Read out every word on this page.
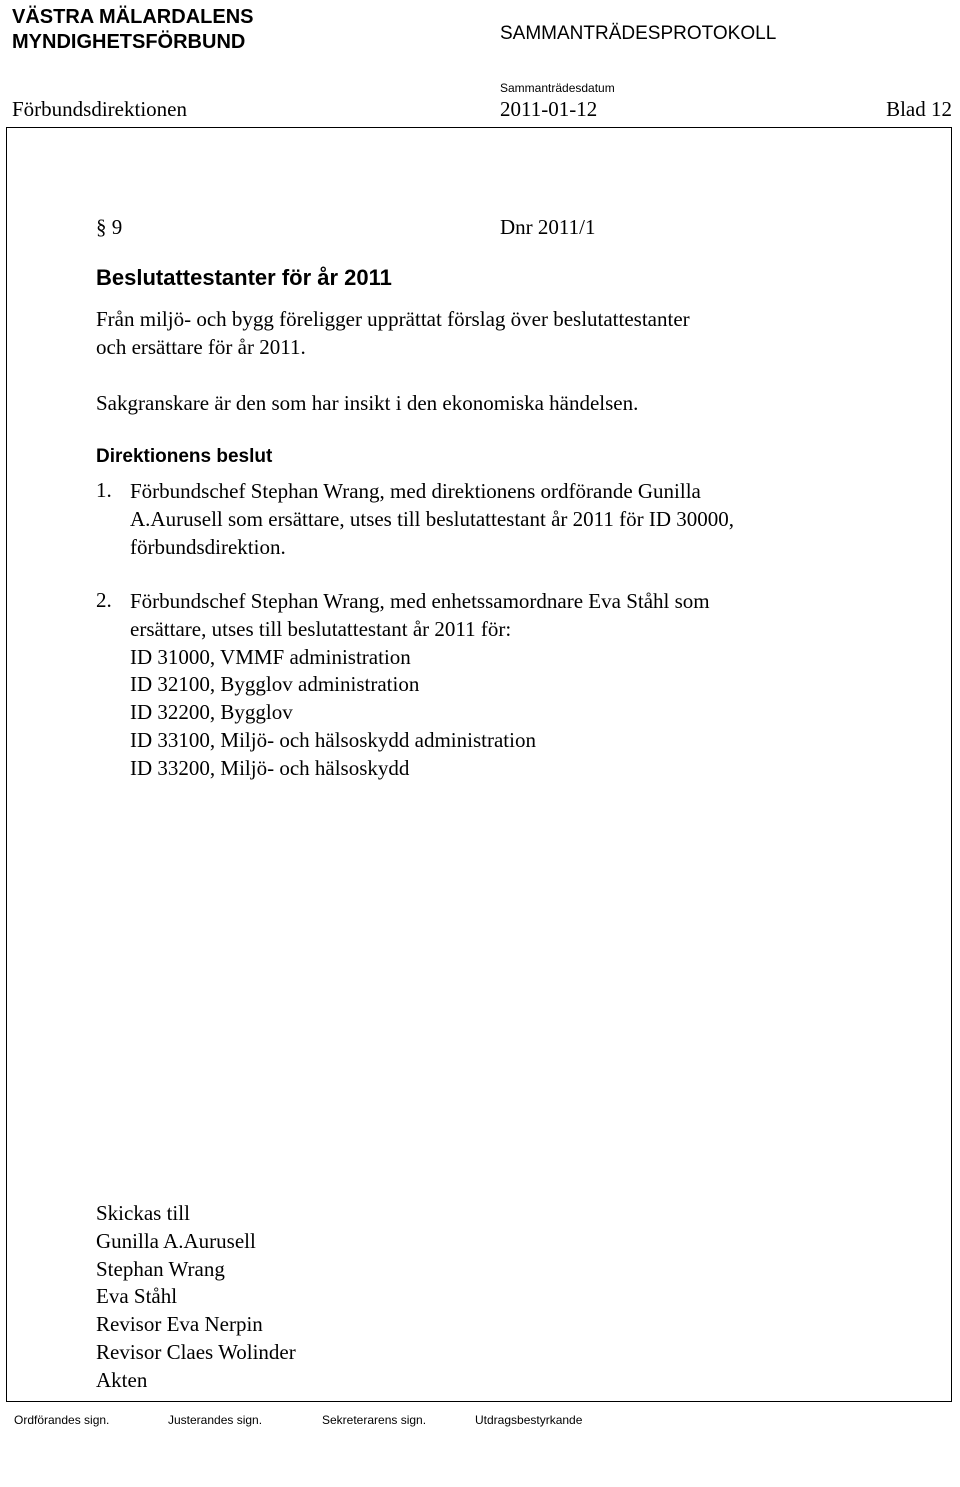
VÄSTRA MÄLARDALENS
MYNDIGHETSFÖRBUND	SAMMANTRÄDESPROTOKOLL
Sammanträdesdatum
Förbundsdirektionen	2011-01-12	Blad 12
§ 9	Dnr 2011/1
Beslutattestanter för år 2011
Från miljö- och bygg föreligger upprättat förslag över beslutattestanter
och ersättare för år 2011.
Sakgranskare är den som har insikt i den ekonomiska händelsen.
Direktionens beslut
1. Förbundschef Stephan Wrang, med direktionens ordförande Gunilla
A.Aurusell som ersättare, utses till beslutattestant år 2011 för ID 30000,
förbundsdirektion.
2. Förbundschef Stephan Wrang, med enhetssamordnare Eva Ståhl som
ersättare, utses till beslutattestant år 2011 för:
ID 31000, VMMF administration
ID 32100, Bygglov administration
ID 32200, Bygglov
ID 33100, Miljö- och hälsoskydd administration
ID 33200, Miljö- och hälsoskydd
Skickas till
Gunilla A.Aurusell
Stephan Wrang
Eva Ståhl
Revisor Eva Nerpin
Revisor Claes Wolinder
Akten
Ordförandes sign.	Justerandes sign.	Sekreterarens sign.	Utdragsbestyrkande
